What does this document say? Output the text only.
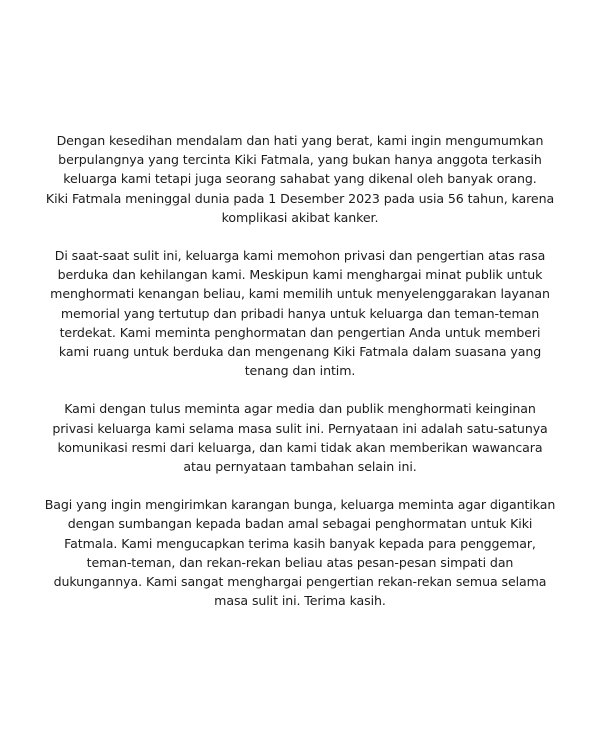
Dengan kesedihan mendalam dan hati yang berat, kami ingin mengumumkan
berpulangnya yang tercinta Kiki Fatmala, yang bukan hanya anggota terkasih
keluarga kami tetapi juga seorang sahabat yang dikenal oleh banyak orang.
Kiki Fatmala meninggal dunia pada 1 Desember 2023 pada usia 56 tahun, karena
komplikasi akibat kanker.

Di saat-saat sulit ini, keluarga kami memohon privasi dan pengertian atas rasa
berduka dan kehilangan kami. Meskipun kami menghargai minat publik untuk
menghormati kenangan beliau, kami memilih untuk menyelenggarakan layanan
memorial yang tertutup dan pribadi hanya untuk keluarga dan teman-teman
terdekat. Kami meminta penghormatan dan pengertian Anda untuk memberi
kami ruang untuk berduka dan mengenang Kiki Fatmala dalam suasana yang
tenang dan intim.

Kami dengan tulus meminta agar media dan publik menghormati keinginan
privasi keluarga kami selama masa sulit ini. Pernyataan ini adalah satu-satunya
komunikasi resmi dari keluarga, dan kami tidak akan memberikan wawancara
atau pernyataan tambahan selain ini.

Bagi yang ingin mengirimkan karangan bunga, keluarga meminta agar digantikan
dengan sumbangan kepada badan amal sebagai penghormatan untuk Kiki
Fatmala. Kami mengucapkan terima kasih banyak kepada para penggemar,
teman-teman, dan rekan-rekan beliau atas pesan-pesan simpati dan
dukungannya. Kami sangat menghargai pengertian rekan-rekan semua selama
masa sulit ini. Terima kasih.
